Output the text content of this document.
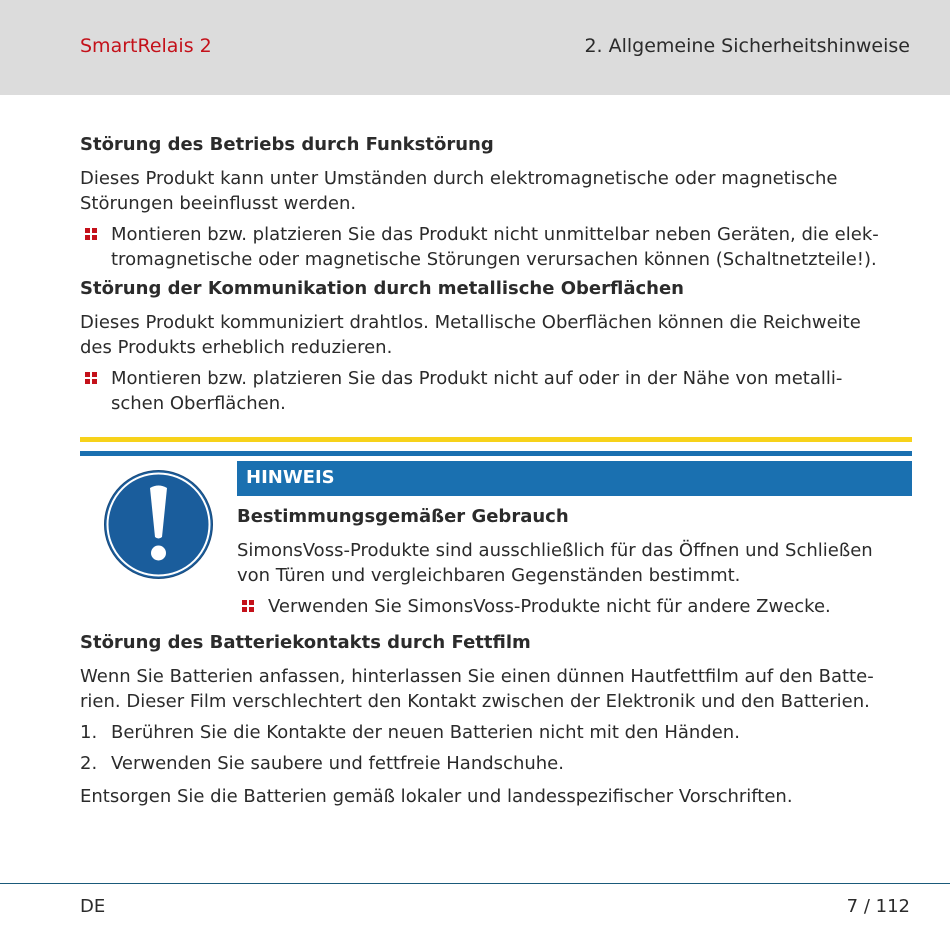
SmartRelais 2	2. Allgemeine Sicherheitshinweise
Störung des Betriebs durch Funkstörung
Dieses Produkt kann unter Umständen durch elektromagnetische oder magnetische
Störungen beeinflusst werden.
Montieren bzw. platzieren Sie das Produkt nicht unmittelbar neben Geräten, die elek-
tromagnetische oder magnetische Störungen verursachen können (Schaltnetzteile!).
Störung der Kommunikation durch metallische Oberflächen
Dieses Produkt kommuniziert drahtlos. Metallische Oberflächen können die Reichweite
des Produkts erheblich reduzieren.
Montieren bzw. platzieren Sie das Produkt nicht auf oder in der Nähe von metalli-
schen Oberflächen.
HINWEIS
Bestimmungsgemäßer Gebrauch
SimonsVoss-Produkte sind ausschließlich für das Öffnen und Schließen
von Türen und vergleichbaren Gegenständen bestimmt.
Verwenden Sie SimonsVoss-Produkte nicht für andere Zwecke.
Störung des Batteriekontakts durch Fettfilm
Wenn Sie Batterien anfassen, hinterlassen Sie einen dünnen Hautfettfilm auf den Batte-
rien. Dieser Film verschlechtert den Kontakt zwischen der Elektronik und den Batterien.
1. Berühren Sie die Kontakte der neuen Batterien nicht mit den Händen.
2. Verwenden Sie saubere und fettfreie Handschuhe.
Entsorgen Sie die Batterien gemäß lokaler und landesspezifischer Vorschriften.
DE	7 / 112
